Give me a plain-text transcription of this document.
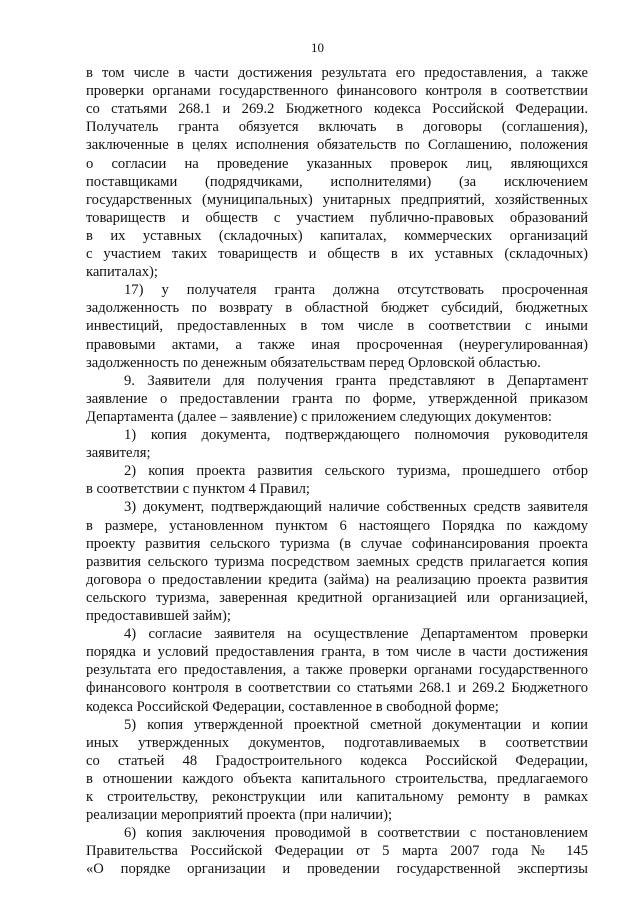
10
в том числе в части достижения результата его предоставления, а также
проверки органами государственного финансового контроля в соответствии
со статьями 268.1 и 269.2 Бюджетного кодекса Российской Федерации.
Получатель гранта обязуется включать в договоры (соглашения),
заключенные в целях исполнения обязательств по Соглашению, положения
о согласии на проведение указанных проверок лиц, являющихся
поставщиками (подрядчиками, исполнителями) (за исключением
государственных (муниципальных) унитарных предприятий, хозяйственных
товариществ и обществ с участием публично-правовых образований
в их уставных (складочных) капиталах, коммерческих организаций
с участием таких товариществ и обществ в их уставных (складочных)
капиталах);
17) у получателя гранта должна отсутствовать просроченная
задолженность по возврату в областной бюджет субсидий, бюджетных
инвестиций, предоставленных в том числе в соответствии с иными
правовыми актами, а также иная просроченная (неурегулированная)
задолженность по денежным обязательствам перед Орловской областью.
9. Заявители для получения гранта представляют в Департамент
заявление о предоставлении гранта по форме, утвержденной приказом
Департамента (далее – заявление) с приложением следующих документов:
1) копия документа, подтверждающего полномочия руководителя
заявителя;
2) копия проекта развития сельского туризма, прошедшего отбор
в соответствии с пунктом 4 Правил;
3) документ, подтверждающий наличие собственных средств заявителя
в размере, установленном пунктом 6 настоящего Порядка по каждому
проекту развития сельского туризма (в случае софинансирования проекта
развития сельского туризма посредством заемных средств прилагается копия
договора о предоставлении кредита (займа) на реализацию проекта развития
сельского туризма, заверенная кредитной организацией или организацией,
предоставившей займ);
4) согласие заявителя на осуществление Департаментом проверки
порядка и условий предоставления гранта, в том числе в части достижения
результата его предоставления, а также проверки органами государственного
финансового контроля в соответствии со статьями 268.1 и 269.2 Бюджетного
кодекса Российской Федерации, составленное в свободной форме;
5) копия утвержденной проектной сметной документации и копии
иных утвержденных документов, подготавливаемых в соответствии
со статьей 48 Градостроительного кодекса Российской Федерации,
в отношении каждого объекта капитального строительства, предлагаемого
к строительству, реконструкции или капитальному ремонту в рамках
реализации мероприятий проекта (при наличии);
6) копия заключения проводимой в соответствии с постановлением
Правительства Российской Федерации от 5 марта 2007 года № 145
«О порядке организации и проведении государственной экспертизы
